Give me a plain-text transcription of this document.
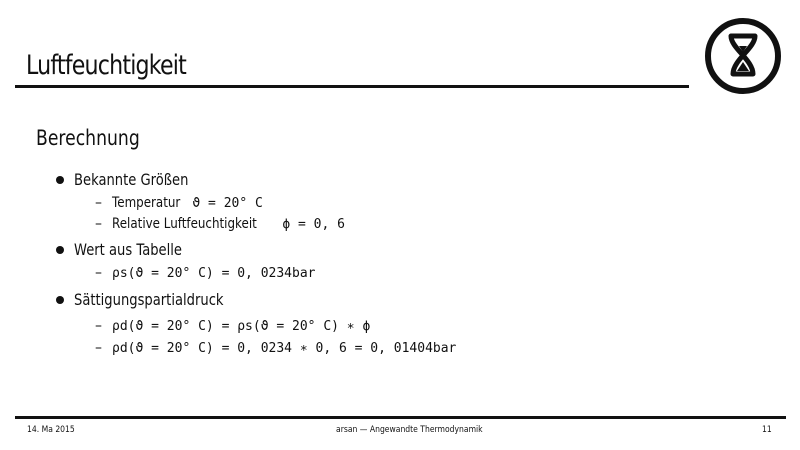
Luftfeuchtigkeit
Berechnung
Bekannte Größen
– Temperatur ϑ = 20° C
– Relative Luftfeuchtigkeit ϕ = 0, 6
Wert aus Tabelle
– ρs(ϑ = 20° C) = 0, 0234bar
Sättigungspartialdruck
– ρd(ϑ = 20° C) = ρs(ϑ = 20° C) ∗ ϕ
– ρd(ϑ = 20° C) = 0, 0234 ∗ 0, 6 = 0, 01404bar
14. Ma 2015	arsan — Angewandte Thermodynamik	11
